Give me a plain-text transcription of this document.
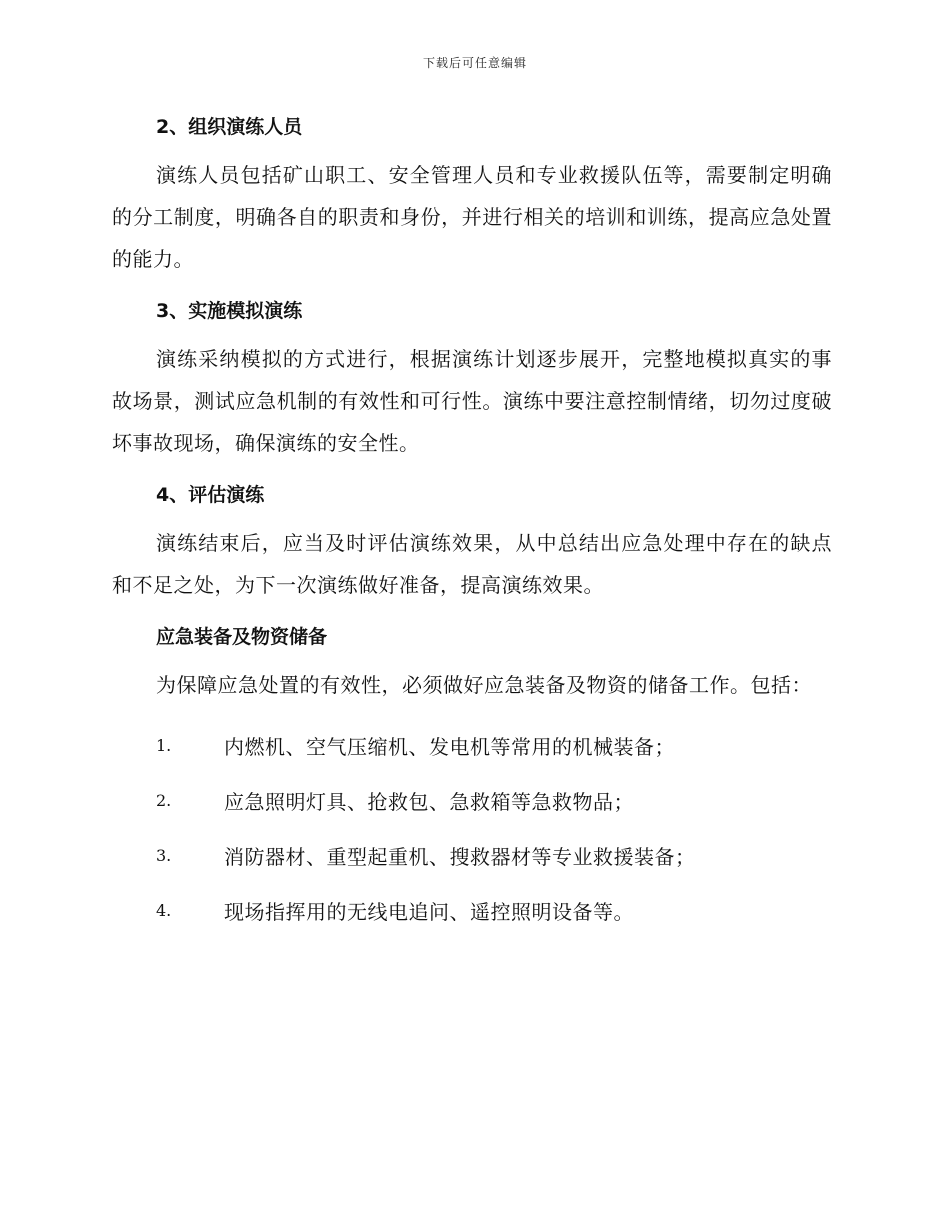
下载后可任意编辑
2、组织演练人员
演练人员包括矿山职工、安全管理人员和专业救援队伍等，需要制定明确的分工制度，明确各自的职责和身份，并进行相关的培训和训练，提高应急处置的能力。
3、实施模拟演练
演练采纳模拟的方式进行，根据演练计划逐步展开，完整地模拟真实的事故场景，测试应急机制的有效性和可行性。演练中要注意控制情绪，切勿过度破坏事故现场，确保演练的安全性。
4、评估演练
演练结束后，应当及时评估演练效果，从中总结出应急处理中存在的缺点和不足之处，为下一次演练做好准备，提高演练效果。
应急装备及物资储备
为保障应急处置的有效性，必须做好应急装备及物资的储备工作。包括：
1.	内燃机、空气压缩机、发电机等常用的机械装备；
2.	应急照明灯具、抢救包、急救箱等急救物品；
3.	消防器材、重型起重机、搜救器材等专业救援装备；
4.	现场指挥用的无线电追问、遥控照明设备等。
